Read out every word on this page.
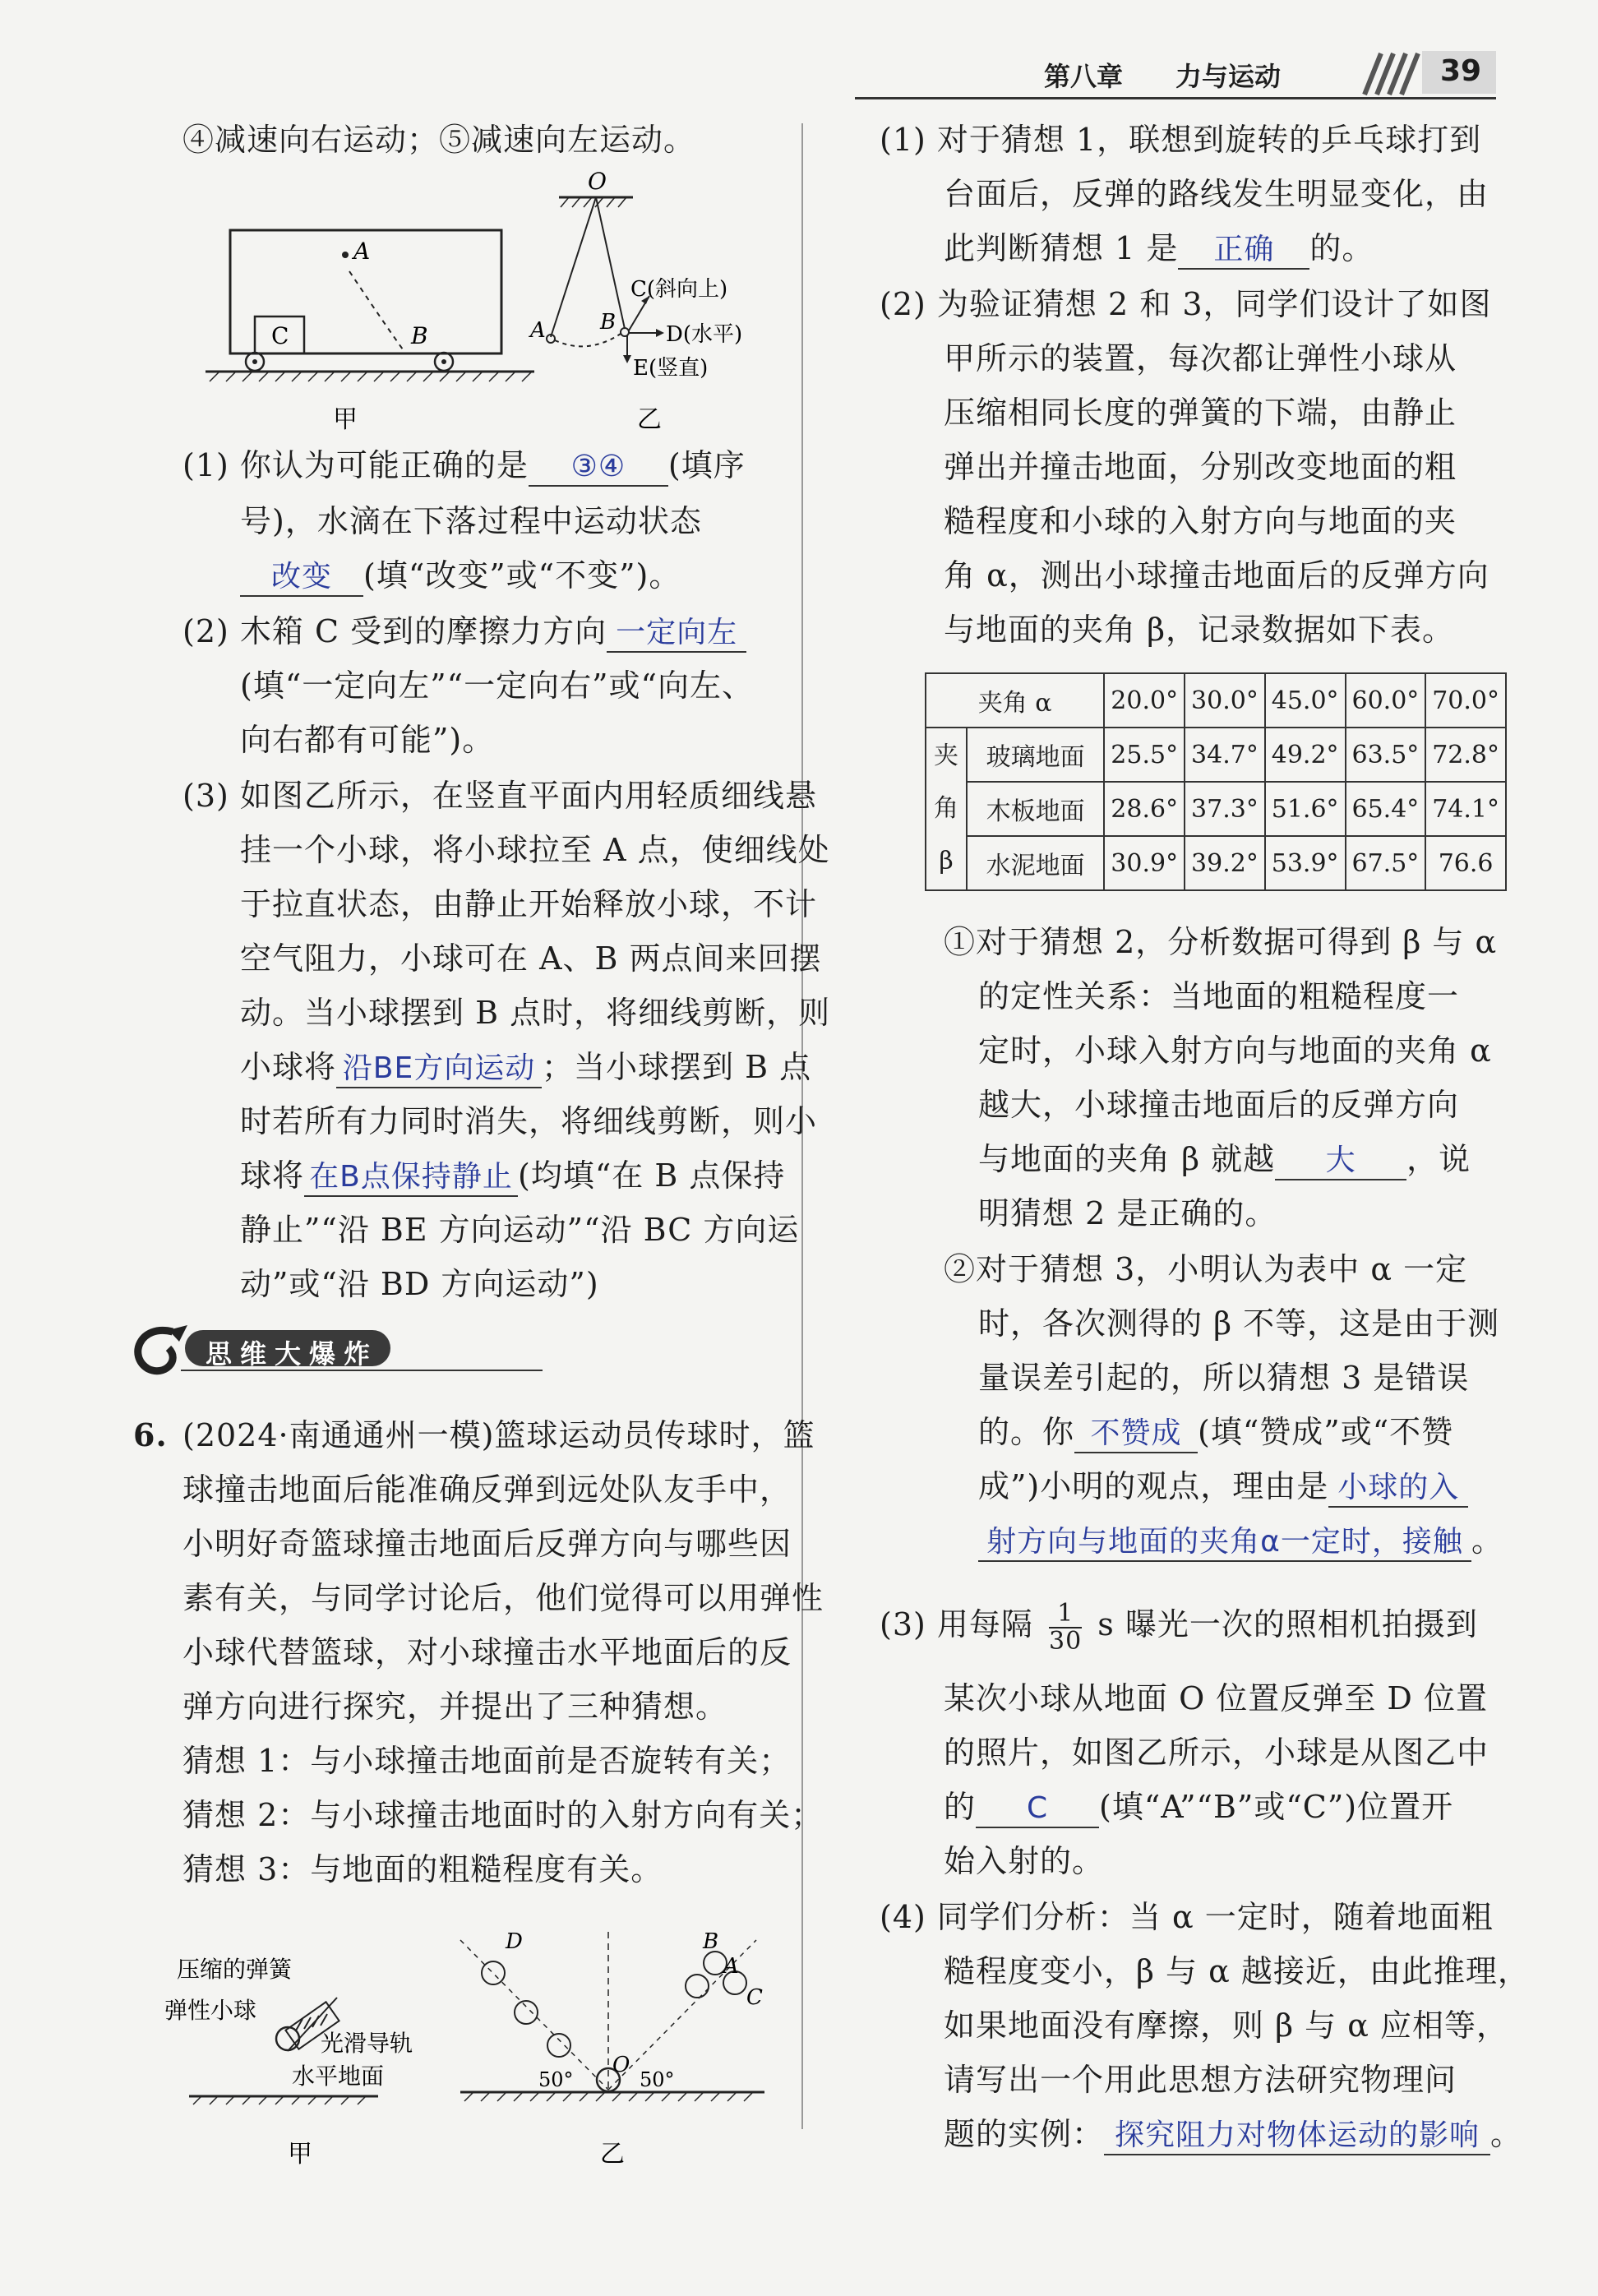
第八章 力与运动	39
④减速向右运动；⑤减速向左运动。
C
A
B
甲
O
A	B
C(斜向上)
D(水平)
E(竖直)
乙
(1) 你认为可能正确的是 ③④ (填序
号)，水滴在下落过程中运动状态
改变 (填“改变”或“不变”)。
(2) 木箱 C 受到的摩擦力方向 一定向左
(填“一定向左”“一定向右”或“向左、
向右都有可能”)。
(3) 如图乙所示，在竖直平面内用轻质细线悬
挂一个小球，将小球拉至 A 点，使细线处
于拉直状态，由静止开始释放小球，不计
空气阻力，小球可在 A、B 两点间来回摆
动。当小球摆到 B 点时，将细线剪断，则
小球将 沿BE方向运动 ；当小球摆到 B 点
时若所有力同时消失，将细线剪断，则小
球将 在B点保持静止 (均填“在 B 点保持
静止”“沿 BE 方向运动”“沿 BC 方向运
动”或“沿 BD 方向运动”)
思维大爆炸
6. (2024·南通通州一模)篮球运动员传球时，篮
球撞击地面后能准确反弹到远处队友手中，
小明好奇篮球撞击地面后反弹方向与哪些因
素有关，与同学讨论后，他们觉得可以用弹性
小球代替篮球，对小球撞击水平地面后的反
弹方向进行探究，并提出了三种猜想。
猜想 1：与小球撞击地面前是否旋转有关；
猜想 2：与小球撞击地面时的入射方向有关；
猜想 3：与地面的粗糙程度有关。
压缩的弹簧
弹性小球
光滑导轨
水平地面
甲
D	B
A
C
O
50°	50°
乙
(1) 对于猜想 1，联想到旋转的乒乓球打到
台面后，反弹的路线发生明显变化，由
此判断猜想 1 是 正确 的。
(2) 为验证猜想 2 和 3，同学们设计了如图
甲所示的装置，每次都让弹性小球从
压缩相同长度的弹簧的下端，由静止
弹出并撞击地面，分别改变地面的粗
糙程度和小球的入射方向与地面的夹
角 α，测出小球撞击地面后的反弹方向
与地面的夹角 β，记录数据如下表。
夹角 α		20.0°	30.0°	45.0°	60.0°	70.0°

夹
角
β	玻璃地面	25.5°	34.7°	49.2°	63.5°	72.8°
	木板地面	28.6°	37.3°	51.6°	65.4°	74.1°
	水泥地面	30.9°	39.2°	53.9°	67.5°	76.6
①对于猜想 2，分析数据可得到 β 与 α
的定性关系：当地面的粗糙程度一
定时，小球入射方向与地面的夹角 α
越大，小球撞击地面后的反弹方向
与地面的夹角 β 就越 大 ，说
明猜想 2 是正确的。
②对于猜想 3，小明认为表中 α 一定
时，各次测得的 β 不等，这是由于测
量误差引起的，所以猜想 3 是错误
的。你 不赞成 (填“赞成”或“不赞
成”)小明的观点，理由是 小球的入
射方向与地面的夹角α一定时，接触 。
(3) 用每隔 $\frac{1}{30}$ s 曝光一次的照相机拍摄到
某次小球从地面 O 位置反弹至 D 位置
的照片，如图乙所示，小球是从图乙中
的 C (填“A”“B”或“C”)位置开
始入射的。
(4) 同学们分析：当 α 一定时，随着地面粗
糙程度变小，β 与 α 越接近，由此推理，
如果地面没有摩擦，则 β 与 α 应相等，
请写出一个用此思想方法研究物理问
题的实例： 探究阻力对物体运动的影响 。
